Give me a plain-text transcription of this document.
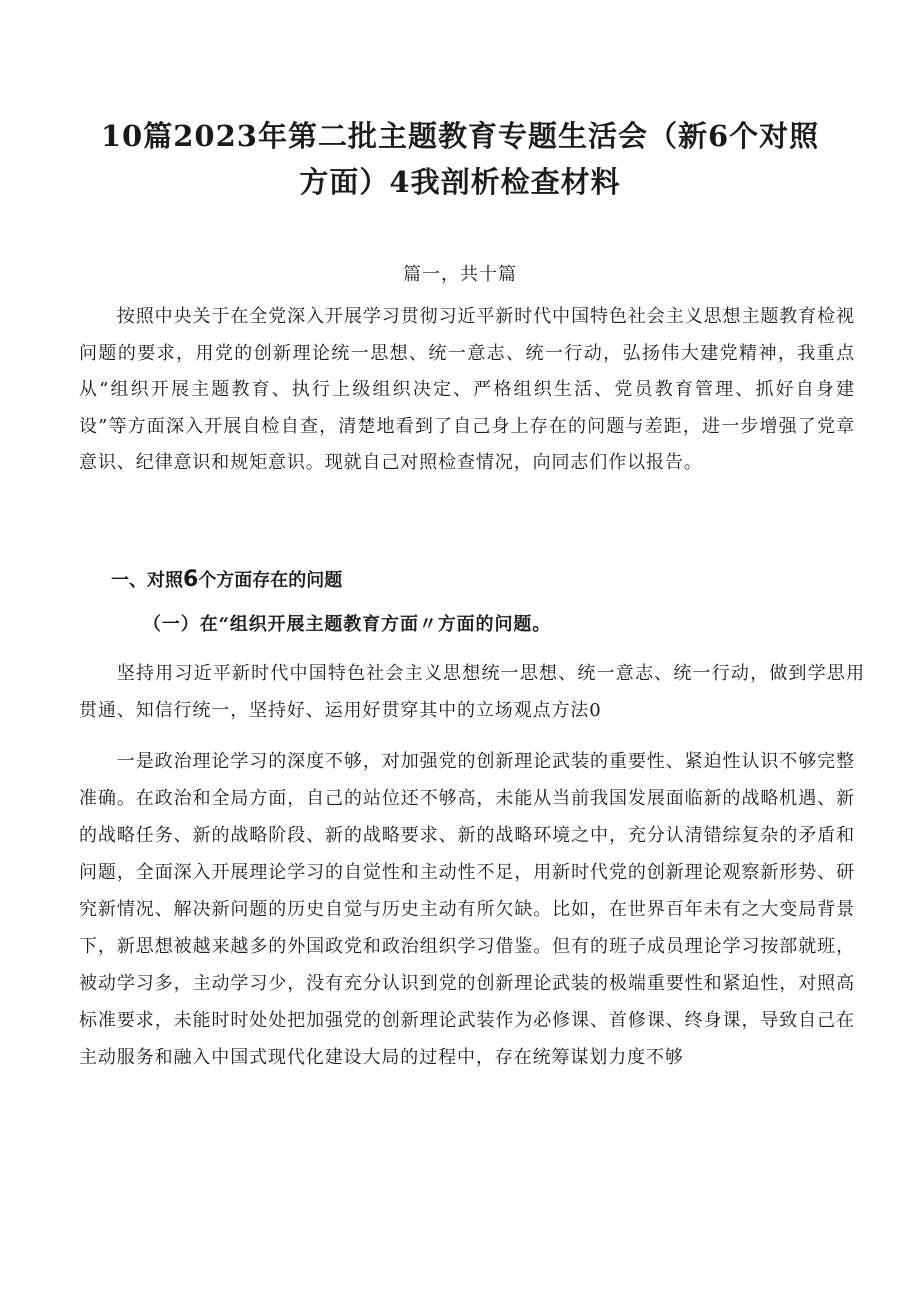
10篇2023年第二批主题教育专题生活会（新6个对照
方面）4我剖析检查材料
篇一，共十篇

按照中央关于在全党深入开展学习贯彻习近平新时代中国特色社会主义思想主题教育检视问题的要求，用党的创新理论统一思想、统一意志、统一行动，弘扬伟大建党精神，我重点从“组织开展主题教育、执行上级组织决定、严格组织生活、党员教育管理、抓好自身建设”等方面深入开展自检自查，清楚地看到了自己身上存在的问题与差距，进一步增强了党章意识、纪律意识和规矩意识。现就自己对照检查情况，向同志们作以报告。

一、对照6个方面存在的问题
（一）在“组织开展主题教育方面〃方面的问题。

坚持用习近平新时代中国特色社会主义思想统一思想、统一意志、统一行动，做到学思用贯通、知信行统一，坚持好、运用好贯穿其中的立场观点方法0

一是政治理论学习的深度不够，对加强党的创新理论武装的重要性、紧迫性认识不够完整准确。在政治和全局方面，自己的站位还不够高，未能从当前我国发展面临新的战略机遇、新的战略任务、新的战略阶段、新的战略要求、新的战略环境之中，充分认清错综复杂的矛盾和问题，全面深入开展理论学习的自觉性和主动性不足，用新时代党的创新理论观察新形势、研究新情况、解决新问题的历史自觉与历史主动有所欠缺。比如，在世界百年未有之大变局背景下，新思想被越来越多的外国政党和政治组织学习借鉴。但有的班子成员理论学习按部就班，被动学习多，主动学习少，没有充分认识到党的创新理论武装的极端重要性和紧迫性，对照高标准要求，未能时时处处把加强党的创新理论武装作为必修课、首修课、终身课，导致自己在主动服务和融入中国式现代化建设大局的过程中，存在统筹谋划力度不够
